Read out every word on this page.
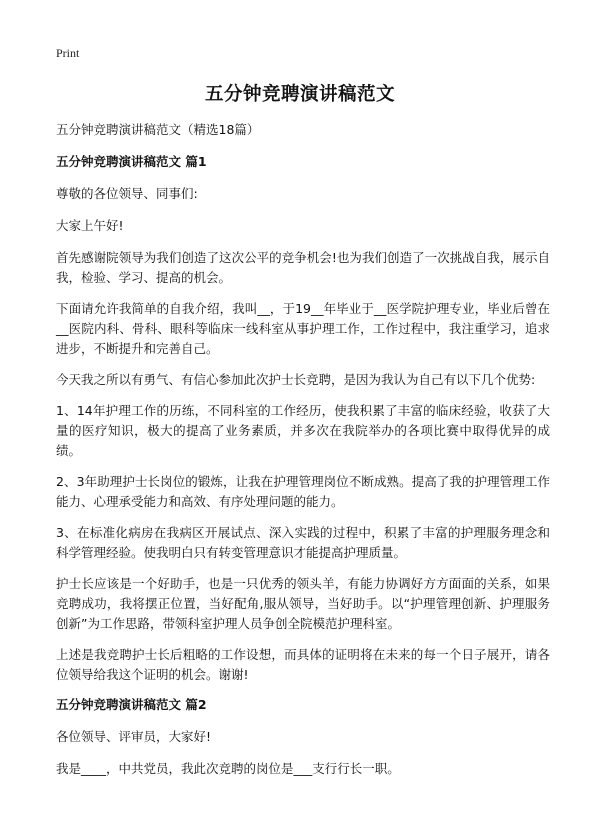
Print
五分钟竞聘演讲稿范文

五分钟竞聘演讲稿范文（精选18篇）

五分钟竞聘演讲稿范文 篇1

尊敬的各位领导、同事们:

大家上午好!

首先感谢院领导为我们创造了这次公平的竞争机会!也为我们创造了一次挑战自我，展示自我，检验、学习、提高的机会。

下面请允许我简单的自我介绍，我叫__，于19__年毕业于__医学院护理专业，毕业后曾在__医院内科、骨科、眼科等临床一线科室从事护理工作，工作过程中，我注重学习，追求进步，不断提升和完善自己。

今天我之所以有勇气、有信心参加此次护士长竞聘，是因为我认为自己有以下几个优势:

1、14年护理工作的历练，不同科室的工作经历，使我积累了丰富的临床经验，收获了大量的医疗知识，极大的提高了业务素质，并多次在我院举办的各项比赛中取得优异的成绩。

2、3年助理护士长岗位的锻炼，让我在护理管理岗位不断成熟。提高了我的护理管理工作能力、心理承受能力和高效、有序处理问题的能力。

3、在标准化病房在我病区开展试点、深入实践的过程中，积累了丰富的护理服务理念和科学管理经验。使我明白只有转变管理意识才能提高护理质量。

护士长应该是一个好助手，也是一只优秀的领头羊，有能力协调好方方面面的关系，如果竞聘成功，我将摆正位置，当好配角,服从领导，当好助手。以“护理管理创新、护理服务创新”为工作思路，带领科室护理人员争创全院模范护理科室。

上述是我竞聘护士长后粗略的工作设想，而具体的证明将在未来的每一个日子展开，请各位领导给我这个证明的机会。谢谢!

五分钟竞聘演讲稿范文 篇2

各位领导、评审员，大家好!

我是____，中共党员，我此次竞聘的岗位是___支行行长一职。
